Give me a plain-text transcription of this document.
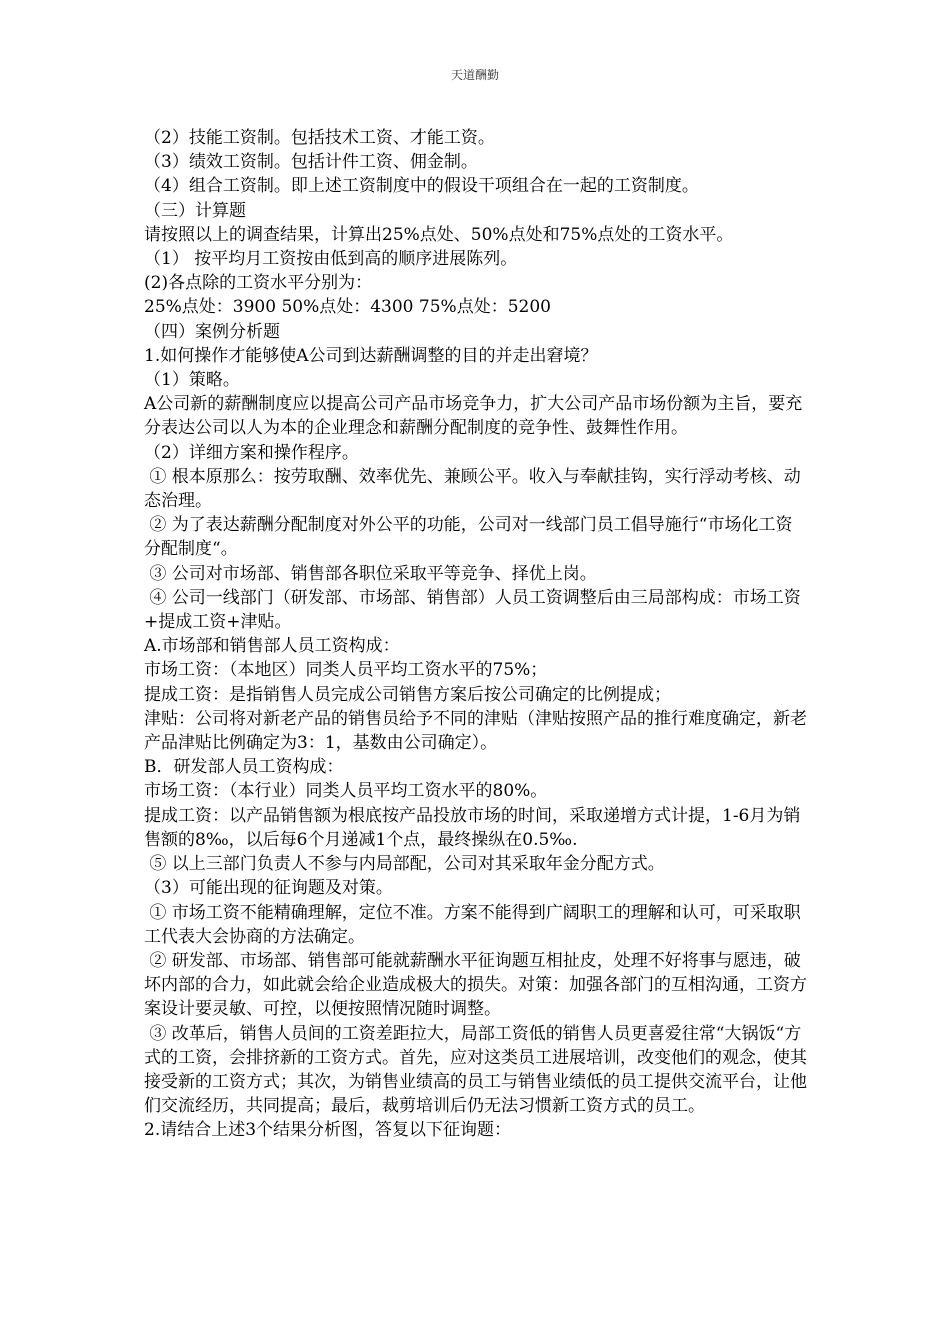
天道酬勤

（2）技能工资制。包括技术工资、才能工资。

（3）绩效工资制。包括计件工资、佣金制。

（4）组合工资制。即上述工资制度中的假设干项组合在一起的工资制度。

（三）计算题

请按照以上的调查结果，计算出25%点处、50%点处和75%点处的工资水平。

（1） 按平均月工资按由低到高的顺序进展陈列。

(2)各点除的工资水平分别为：

25%点处：3900 50%点处：4300 75%点处：5200

（四）案例分析题

1.如何操作才能够使A公司到达薪酬调整的目的并走出窘境？

（1）策略。

A公司新的薪酬制度应以提高公司产品市场竞争力，扩大公司产品市场份额为主旨，要充分表达公司以人为本的企业理念和薪酬分配制度的竞争性、鼓舞性作用。

（2）详细方案和操作程序。

① 根本原那么：按劳取酬、效率优先、兼顾公平。收入与奉献挂钩，实行浮动考核、动态治理。

② 为了表达薪酬分配制度对外公平的功能，公司对一线部门员工倡导施行“市场化工资分配制度“。

③ 公司对市场部、销售部各职位采取平等竞争、择优上岗。

④ 公司一线部门（研发部、市场部、销售部）人员工资调整后由三局部构成：市场工资+提成工资+津贴。

A.市场部和销售部人员工资构成：

市场工资：（本地区）同类人员平均工资水平的75%；

提成工资：是指销售人员完成公司销售方案后按公司确定的比例提成；

津贴：公司将对新老产品的销售员给予不同的津贴（津贴按照产品的推行难度确定，新老产品津贴比例确定为3：1，基数由公司确定）。

B．研发部人员工资构成：

市场工资：（本行业）同类人员平均工资水平的80%。

提成工资：以产品销售额为根底按产品投放市场的时间，采取递增方式计提，1-6月为销售额的8‰，以后每6个月递减1个点，最终操纵在0.5‰.

⑤ 以上三部门负责人不参与内局部配，公司对其采取年金分配方式。

（3）可能出现的征询题及对策。

① 市场工资不能精确理解，定位不准。方案不能得到广阔职工的理解和认可，可采取职工代表大会协商的方法确定。

② 研发部、市场部、销售部可能就薪酬水平征询题互相扯皮，处理不好将事与愿违，破坏内部的合力，如此就会给企业造成极大的损失。对策：加强各部门的互相沟通，工资方案设计要灵敏、可控，以便按照情况随时调整。

③ 改革后，销售人员间的工资差距拉大，局部工资低的销售人员更喜爱往常“大锅饭“方式的工资，会排挤新的工资方式。首先，应对这类员工进展培训，改变他们的观念，使其接受新的工资方式；其次，为销售业绩高的员工与销售业绩低的员工提供交流平台，让他们交流经历，共同提高；最后，裁剪培训后仍无法习惯新工资方式的员工。

2.请结合上述3个结果分析图，答复以下征询题：
